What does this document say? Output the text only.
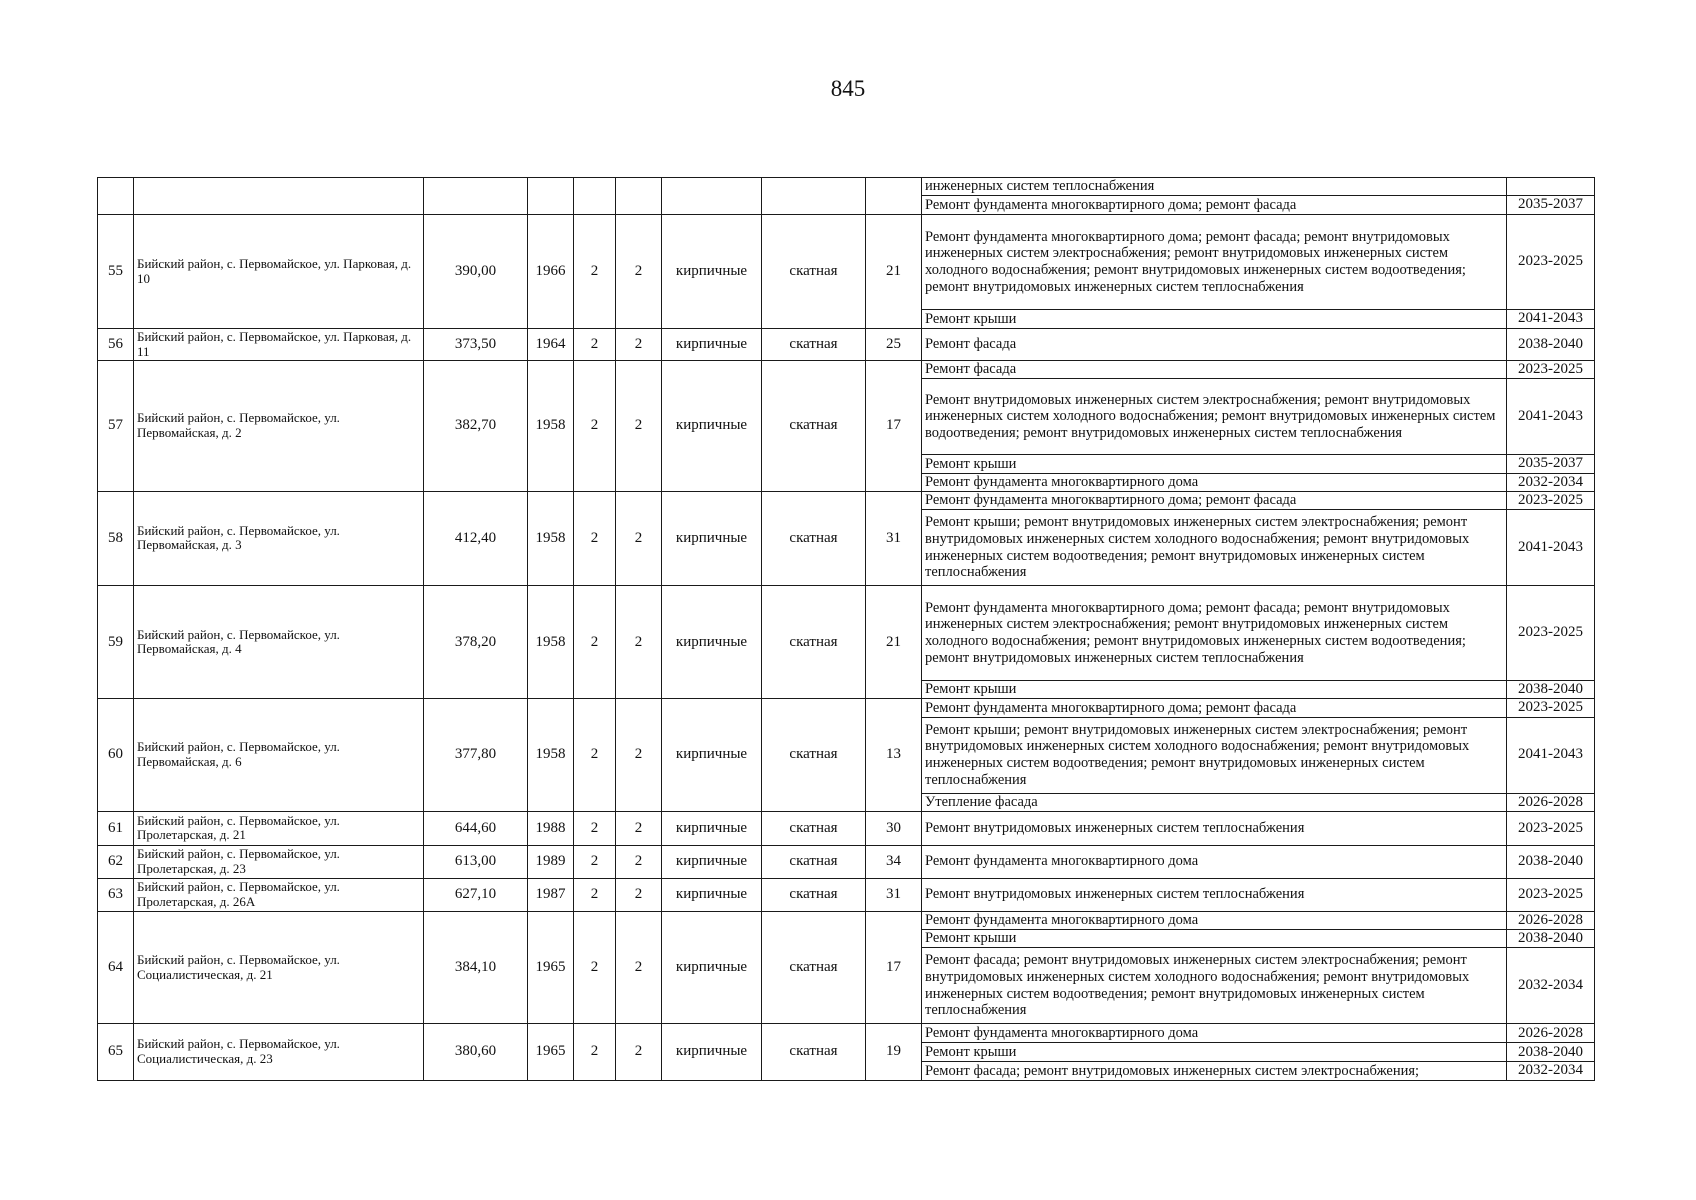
845
									инженерных систем теплоснабжения	
									Ремонт фундамента многоквартирного дома; ремонт фасада	2035-2037
55	Бийский район, с. Первомайское, ул. Парковая, д. 10	390,00	1966	2	2	кирпичные	скатная	21	Ремонт фундамента многоквартирного дома; ремонт фасада; ремонт внутридомовых инженерных систем электроснабжения; ремонт внутридомовых инженерных систем холодного водоснабжения; ремонт внутридомовых инженерных систем водоотведения; ремонт внутридомовых инженерных систем теплоснабжения	2023-2025
									Ремонт крыши	2041-2043
56	Бийский район, с. Первомайское, ул. Парковая, д. 11	373,50	1964	2	2	кирпичные	скатная	25	Ремонт фасада	2038-2040
57	Бийский район, с. Первомайское, ул. Первомайская, д. 2	382,70	1958	2	2	кирпичные	скатная	17	Ремонт фасада	2023-2025
									Ремонт внутридомовых инженерных систем электроснабжения; ремонт внутридомовых инженерных систем холодного водоснабжения; ремонт внутридомовых инженерных систем водоотведения; ремонт внутридомовых инженерных систем теплоснабжения	2041-2043
									Ремонт крыши	2035-2037
									Ремонт фундамента многоквартирного дома	2032-2034
58	Бийский район, с. Первомайское, ул. Первомайская, д. 3	412,40	1958	2	2	кирпичные	скатная	31	Ремонт фундамента многоквартирного дома; ремонт фасада	2023-2025
									Ремонт крыши; ремонт внутридомовых инженерных систем электроснабжения; ремонт внутридомовых инженерных систем холодного водоснабжения; ремонт внутридомовых инженерных систем водоотведения; ремонт внутридомовых инженерных систем теплоснабжения	2041-2043
59	Бийский район, с. Первомайское, ул. Первомайская, д. 4	378,20	1958	2	2	кирпичные	скатная	21	Ремонт фундамента многоквартирного дома; ремонт фасада; ремонт внутридомовых инженерных систем электроснабжения; ремонт внутридомовых инженерных систем холодного водоснабжения; ремонт внутридомовых инженерных систем водоотведения; ремонт внутридомовых инженерных систем теплоснабжения	2023-2025
									Ремонт крыши	2038-2040
60	Бийский район, с. Первомайское, ул. Первомайская, д. 6	377,80	1958	2	2	кирпичные	скатная	13	Ремонт фундамента многоквартирного дома; ремонт фасада	2023-2025
									Ремонт крыши; ремонт внутридомовых инженерных систем электроснабжения; ремонт внутридомовых инженерных систем холодного водоснабжения; ремонт внутридомовых инженерных систем водоотведения; ремонт внутридомовых инженерных систем теплоснабжения	2041-2043
									Утепление фасада	2026-2028
61	Бийский район, с. Первомайское, ул. Пролетарская, д. 21	644,60	1988	2	2	кирпичные	скатная	30	Ремонт внутридомовых инженерных систем теплоснабжения	2023-2025
62	Бийский район, с. Первомайское, ул. Пролетарская, д. 23	613,00	1989	2	2	кирпичные	скатная	34	Ремонт фундамента многоквартирного дома	2038-2040
63	Бийский район, с. Первомайское, ул. Пролетарская, д. 26А	627,10	1987	2	2	кирпичные	скатная	31	Ремонт внутридомовых инженерных систем теплоснабжения	2023-2025
64	Бийский район, с. Первомайское, ул. Социалистическая, д. 21	384,10	1965	2	2	кирпичные	скатная	17	Ремонт фундамента многоквартирного дома	2026-2028
									Ремонт крыши	2038-2040
									Ремонт фасада; ремонт внутридомовых инженерных систем электроснабжения; ремонт внутридомовых инженерных систем холодного водоснабжения; ремонт внутридомовых инженерных систем водоотведения; ремонт внутридомовых инженерных систем теплоснабжения	2032-2034
65	Бийский район, с. Первомайское, ул. Социалистическая, д. 23	380,60	1965	2	2	кирпичные	скатная	19	Ремонт фундамента многоквартирного дома	2026-2028
									Ремонт крыши	2038-2040
									Ремонт фасада; ремонт внутридомовых инженерных систем электроснабжения;	2032-2034
